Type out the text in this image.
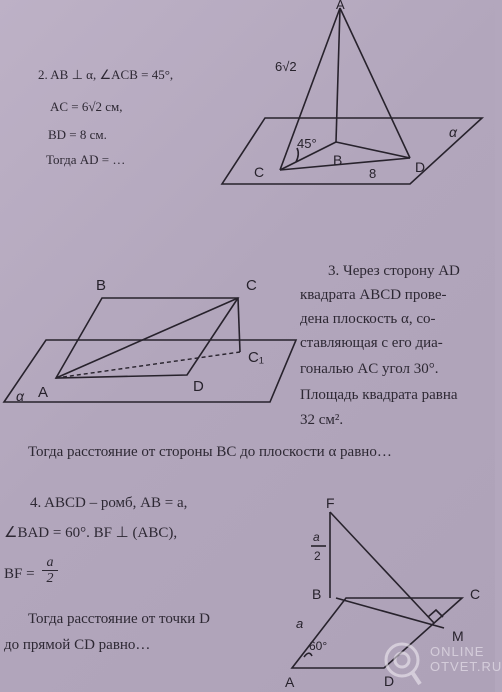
2. AB ⊥ α, ∠ACB = 45°,
AC = 6√2 см,
BD = 8 см.
Тогда AD = …
3. Через сторону AD
квадрата ABCD прове-
дена плоскость α, со-
ставляющая с его диа-
гональю AC угол 30°.
Площадь квадрата равна
32 см².
Тогда расстояние от стороны BC до плоскости α равно…
4. ABCD – ромб, AB = a,
∠BAD = 60°. BF ⊥ (ABC),
BF = $\frac{a}{2}$
Тогда расстояние от точки D
до прямой CD равно…
A
6√2
45°
α
C
B
8	D
B	C
C₁
A	D
α
F
a
2
B	C
a
60°
M
A	D
ONLINE
OTVET.RU
